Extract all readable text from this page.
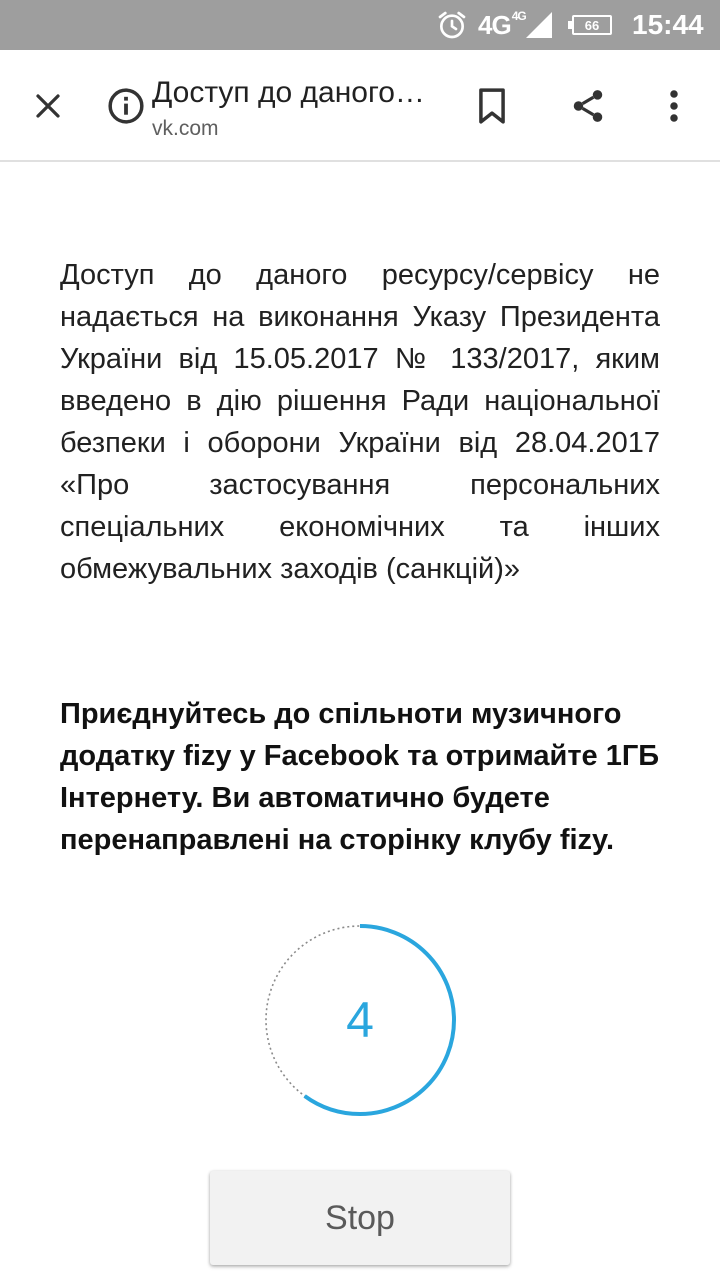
$4G^{4G}$
66	15:44
Доступ до даного…
vk.com

Доступ до даного ресурсу/сервісу не надається на виконання Указу Президента України від 15.05.2017 № 133/2017, яким введено в дію рішення Ради національної безпеки і оборони України від 28.04.2017 «Про застосування персональних спеціальних економічних та інших обмежувальних заходів (санкцій)»

Приєднуйтесь до спільноти музичного додатку fizy у Facebook та отримайте 1ГБ Інтернету. Ви автоматично будете перенаправлені на сторінку клубу fizy.

4
Stop
